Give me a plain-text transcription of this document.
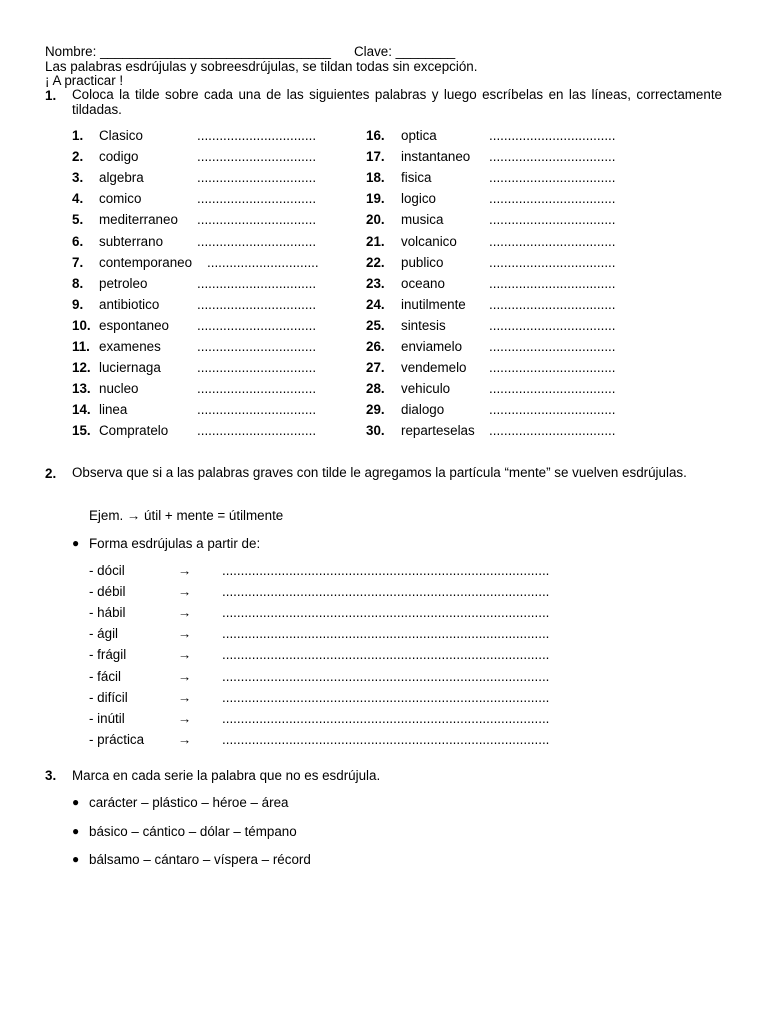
Nombre: _______________________________ Clave: ________
Las palabras esdrújulas y sobreesdrújulas, se tildan todas sin excepción.
¡ A practicar !
1. Coloca la tilde sobre cada una de las siguientes palabras y luego escríbelas en las líneas, correctamente tildadas.
1.	Clasico	................................
2.	codigo	................................
3.	algebra	................................
4.	comico	................................
5.	mediterraneo ................................
6.	subterrano	................................
7.	contemporaneo ..............................
8.	petroleo	................................
9.	antibiotico	................................
10. espontaneo ................................
11. examenes	................................
12. luciernaga	................................
13. nucleo	................................
14. linea	................................
15. Compratelo ................................
16.	optica	..................................
17.	instantaneo ..................................
18.	fisica	..................................
19.	logico	..................................
20.	musica	..................................
21.	volcanico ..................................
22.	publico	..................................
23.	oceano	..................................
24.	inutilmente ..................................
25.	sintesis	..................................
26.	enviamelo ..................................
27.	vendemelo ..................................
28.	vehiculo	..................................
29.	dialogo	..................................
30.	reparteselas ..................................
2. Observa que si a las palabras graves con tilde le agregamos la partícula “mente” se vuelven esdrújulas.
Ejem. → útil + mente = útilmente
● Forma esdrújulas a partir de:
- dócil	→ ........................................................................................
- débil	→ ........................................................................................
- hábil	→ ........................................................................................
- ágil	→ ........................................................................................
- frágil	→ ........................................................................................
- fácil	→ ........................................................................................
- difícil	→ ........................................................................................
- inútil	→ ........................................................................................
- práctica	→ ........................................................................................
3. Marca en cada serie la palabra que no es esdrújula.
● carácter – plástico – héroe – área
● básico – cántico – dólar – témpano
● bálsamo – cántaro – víspera – récord
